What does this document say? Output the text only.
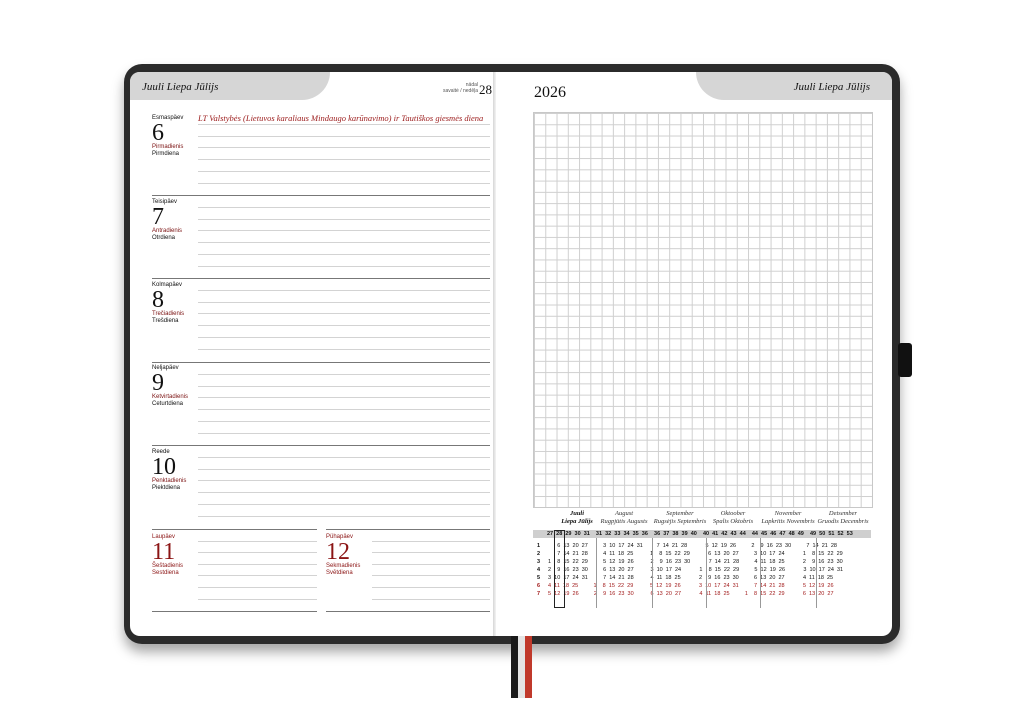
Juuli Liepa Jūlijs	Juuli Liepa Jūlijs
nädal
savaitė / nedēļa 28	2026
LT Valstybės (Lietuvos karaliaus Mindaugo karūnavimo) ir Tautiškos giesmės diena
Esmaspäev
6
Pirmadienis
Pirmdiena
Teisipäev
7
Antradienis
Otrdiena
Kolmapäev
8
Trečiadienis
Trešdiena
Neljapäev
9
Ketvirtadienis
Ceturtdiena
Reede
10
Penktadienis
Piektdiena
Laupäev
11
Šeštadienis
Sestdiena
Pühapäev
12
Sekmadienis
Svētdiena
Juuli
Liepa Jūlijs
August
Rugpjūtis Augusts
September
Rugsėjis Septembris
Oktoober
Spalis Oktobris
November
Lapkritis Novembris
Detsember
Gruodis Decembris
27  28  29  30  31    31  32  33  34  35  36    36  37  38  39  40    40  41  42  43  44    44  45  46  47  48  49    49  50  51  52  53
1
2
3
4
5
6
7
6  13  20  27          3  10  17  24  31         7  14  21  28            5  12  19  26          2    9  16  23  30          7  14  21  28
7  14  21  28          4  11  18  25           1    8  15  22  29            6  13  20  27          3  10  17  24            1    8  15  22  29
1    8  15  22  29          5  12  19  26           2    9  16  23  30            7  14  21  28          4  11  18  25            2    9  16  23  30
2    9  16  23  30          6  13  20  27           3  10  17  24            1    8  15  22  29          5  12  19  26            3  10  17  24  31
3  10  17  24  31          7  14  21  28           4  11  18  25            2    9  16  23  30          6  13  20  27            4  11  18  25
4  11  18  25          1    8  15  22  29           5  12  19  26            3  10  17  24  31          7  14  21  28            5  12  19  26
5  12  19  26          2    9  16  23  30           6  13  20  27            4  11  18  25          1    8  15  22  29            6  13  20  27
